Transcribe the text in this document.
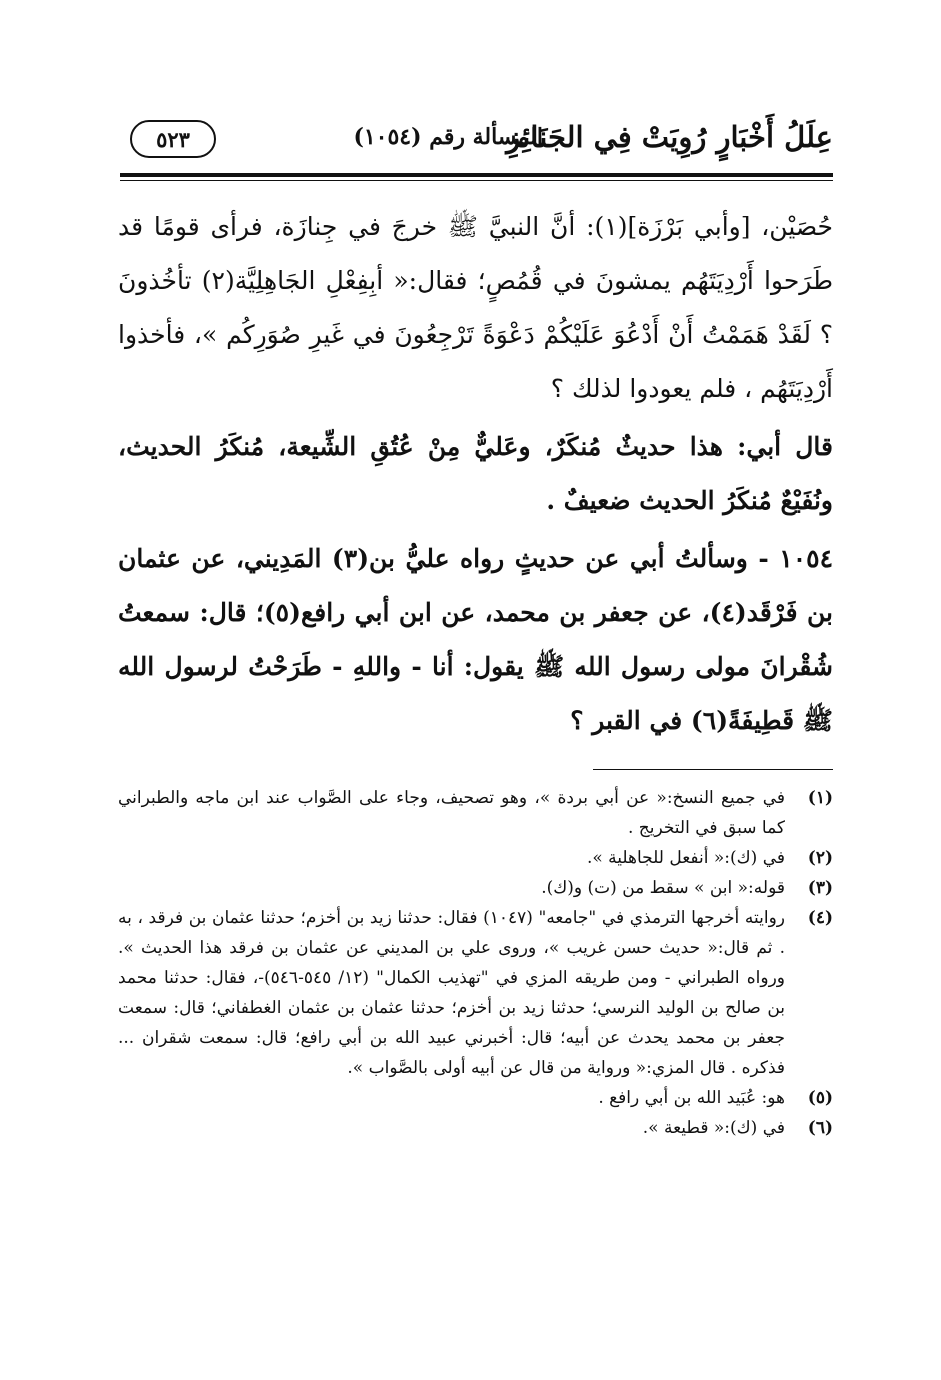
عِلَلُ أَخْبَارٍ رُوِيَتْ فِي الجَنَائِزِ
المسألة رقم (١٠٥٤)
٥٢٣

حُصَيْن، [وأبي بَرْزَة](١): أنَّ النبيَّ ﷺ خرجَ في جِنازَة، فرأى قومًا قد طَرَحوا أَرْدِيَتَهُم يمشونَ في قُمُصٍ؛ فقال:« أبِفِعْلِ الجَاهِلِيَّة(٢) تأخُذونَ ؟ لَقَدْ هَمَمْتُ أَنْ أَدْعُوَ عَلَيْكُمْ دَعْوَةً تَرْجِعُونَ في غَيرِ صُوَرِكُم »، فأخذوا أَرْدِيَتَهُم ، فلم يعودوا لذلك ؟

قال أبي: هذا حديثٌ مُنكَرٌ، وعَليٌّ مِنْ عُتُقِ الشِّيعة، مُنكَرُ الحديث، ونُفَيْعٌ مُنكَرُ الحديث ضعيفٌ .

١٠٥٤ - وسألتُ أبي عن حديثٍ رواه عليُّ بن(٣) المَدِيني، عن عثمان بن فَرْقَد(٤)، عن جعفر بن محمد، عن ابن أبي رافع(٥)؛ قال: سمعتُ شُقْرانَ مولى رسول الله ﷺ يقول: أنا - واللهِ - طَرَحْتُ لرسول الله ﷺ قَطِيفَةً(٦) في القبر ؟

(١)
في جميع النسخ:« عن أبي بردة »، وهو تصحيف، وجاء على الصَّواب عند ابن ماجه والطبراني كما سبق في التخريج .
(٢)
في (ك):« أنفعل للجاهلية ».
(٣)
قوله:« ابن » سقط من (ت) و(ك).
(٤)
روايته أخرجها الترمذي في "جامعه" (١٠٤٧) فقال: حدثنا زيد بن أخزم؛ حدثنا عثمان بن فرقد ، به . ثم قال:« حديث حسن غريب »، وروى علي بن المديني عن عثمان بن فرقد هذا الحديث ». ورواه الطبراني - ومن طريقه المزي في "تهذيب الكمال" (١٢/ ٥٤٥-٥٤٦)-، فقال: حدثنا محمد بن صالح بن الوليد النرسي؛ حدثنا زيد بن أخزم؛ حدثنا عثمان بن عثمان الغطفاني؛ قال: سمعت جعفر بن محمد يحدث عن أبيه؛ قال: أخبرني عبيد الله بن أبي رافع؛ قال: سمعت شقران ... فذكره . قال المزي:« ورواية من قال عن أبيه أولى بالصَّواب ».
(٥)
هو: عُبَيد الله بن أبي رافع .
(٦)
في (ك):« قطيعة ».
